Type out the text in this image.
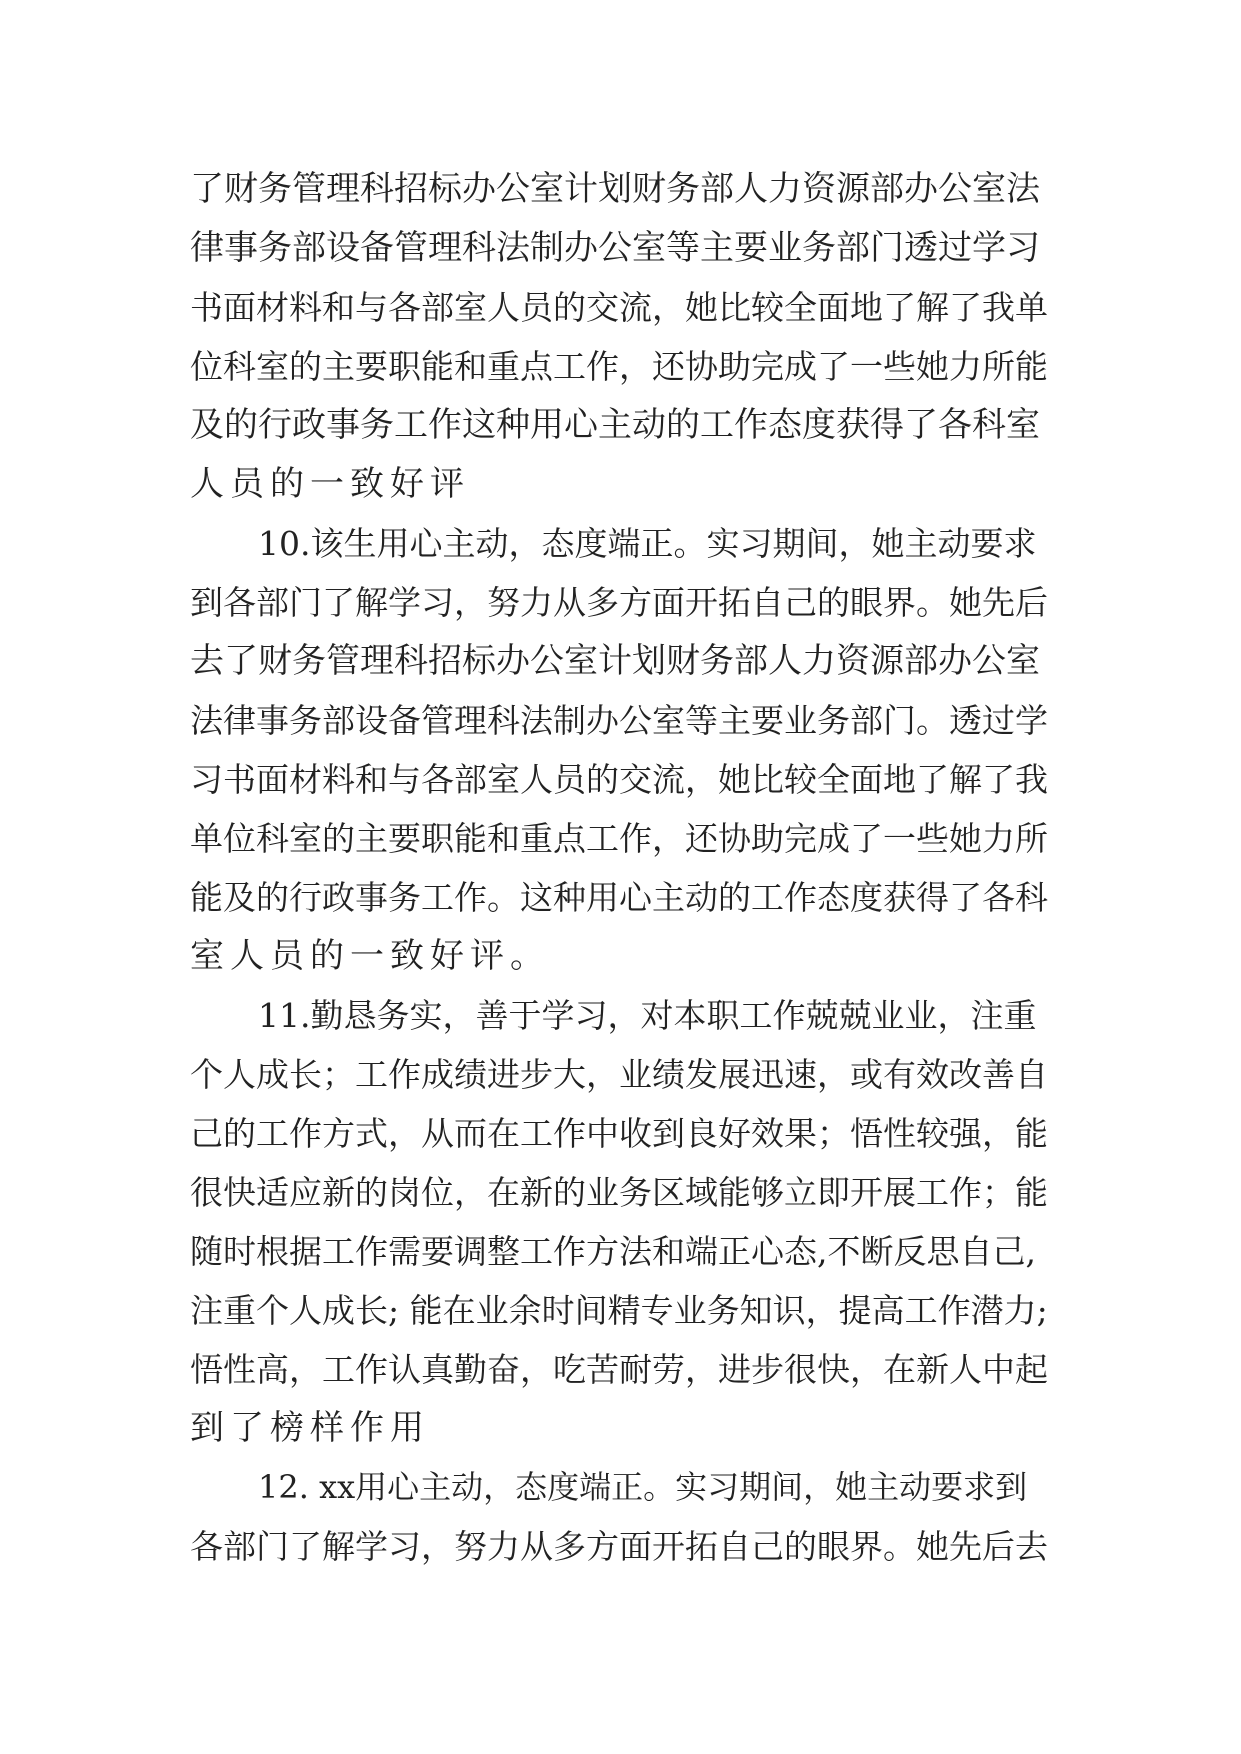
了财务管理科招标办公室计划财务部人力资源部办公室法
律事务部设备管理科法制办公室等主要业务部门透过学习
书面材料和与各部室人员的交流，她比较全面地了解了我单
位科室的主要职能和重点工作，还协助完成了一些她力所能
及的行政事务工作这种用心主动的工作态度获得了各科室
人员的一致好评
10.该生用心主动，态度端正。实习期间，她主动要求
到各部门了解学习，努力从多方面开拓自己的眼界。她先后
去了财务管理科招标办公室计划财务部人力资源部办公室
法律事务部设备管理科法制办公室等主要业务部门。透过学
习书面材料和与各部室人员的交流，她比较全面地了解了我
单位科室的主要职能和重点工作，还协助完成了一些她力所
能及的行政事务工作。这种用心主动的工作态度获得了各科
室人员的一致好评。
11.勤恳务实，善于学习，对本职工作兢兢业业，注重
个人成长；工作成绩进步大，业绩发展迅速，或有效改善自
己的工作方式，从而在工作中收到良好效果；悟性较强，能
很快适应新的岗位，在新的业务区域能够立即开展工作；能
随时根据工作需要调整工作方法和端正心态,不断反思自己,
注重个人成长; 能在业余时间精专业务知识，提高工作潜力;
悟性高，工作认真勤奋，吃苦耐劳，进步很快，在新人中起
到了榜样作用
12. xx用心主动，态度端正。实习期间，她主动要求到
各部门了解学习，努力从多方面开拓自己的眼界。她先后去
